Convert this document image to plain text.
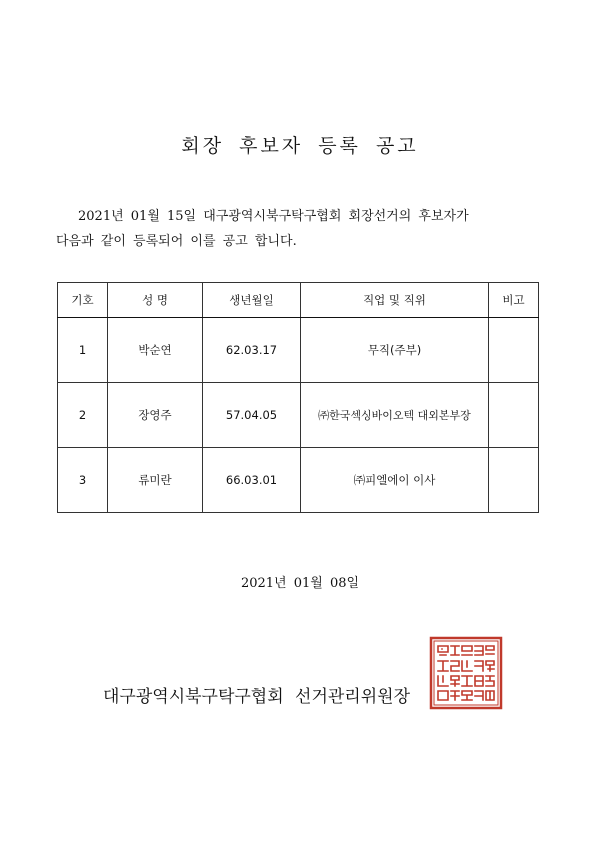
회장 후보자 등록 공고
2021년 01월 15일 대구광역시북구탁구협회 회장선거의 후보자가
다음과 같이 등록되어 이를 공고 합니다.
기호	성 명	생년월일	직업 및 직위	비고
1	박순연	62.03.17	무직(주부)	
2	장영주	57.04.05	㈜한국섹싱바이오텍 대외본부장	
3	류미란	66.03.01	㈜피엘에이 이사	
2021년 01월 08일
대구광역시북구탁구협회 선거관리위원장
